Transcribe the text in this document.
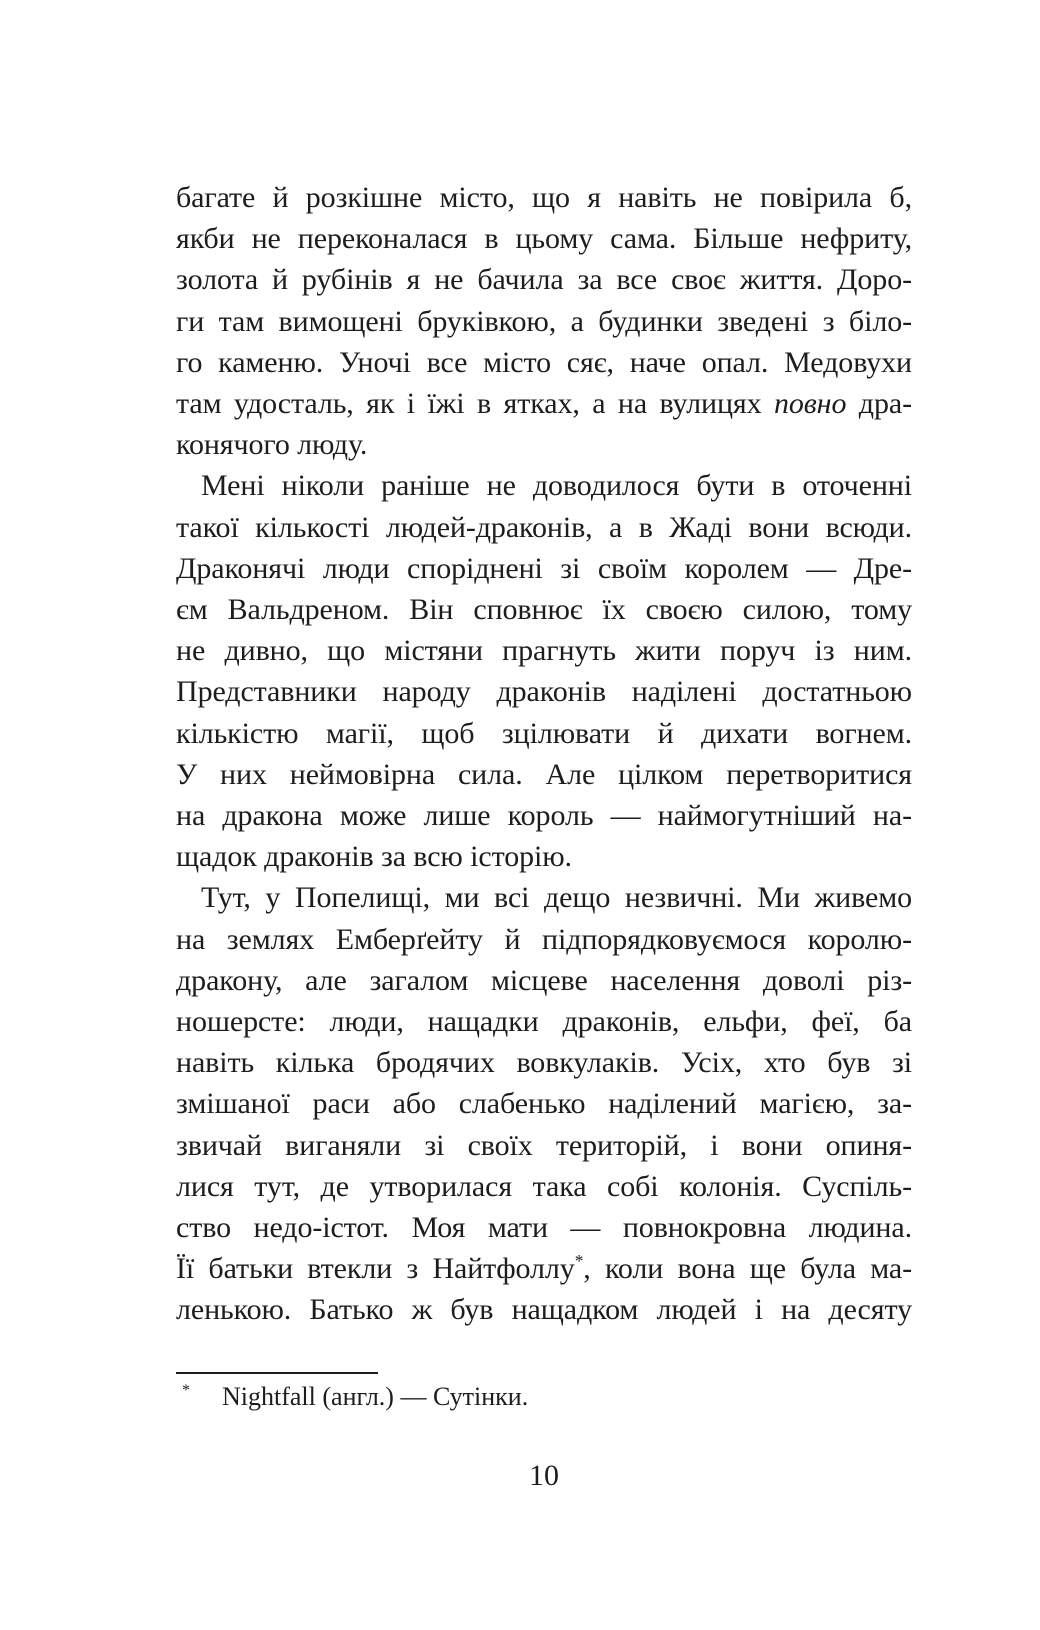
багате й розкішне місто, що я навіть не повірила б,
якби не переконалася в цьому сама. Більше нефриту,
золота й рубінів я не бачила за все своє життя. Доро-
ги там вимощені бруківкою, а будинки зведені з біло-
го каменю. Уночі все місто сяє, наче опал. Медовухи
там удосталь, як і їжі в ятках, а на вулицях повно дра-
конячого люду.
Мені ніколи раніше не доводилося бути в оточенні
такої кількості людей-драконів, а в Жаді вони всюди.
Драконячі люди споріднені зі своїм королем — Дре-
єм Вальдреном. Він сповнює їх своєю силою, тому
не дивно, що містяни прагнуть жити поруч із ним.
Представники народу драконів наділені достатньою
кількістю магії, щоб зцілювати й дихати вогнем.
У них неймовірна сила. Але цілком перетворитися
на дракона може лише король — наймогутніший на-
щадок драконів за всю історію.
Тут, у Попелищі, ми всі дещо незвичні. Ми живемо
на землях Емберґейту й підпорядковуємося королю-
дракону, але загалом місцеве населення доволі різ-
ношерсте: люди, нащадки драконів, ельфи, феї, ба
навіть кілька бродячих вовкулаків. Усіх, хто був зі
змішаної раси або слабенько наділений магією, за-
звичай виганяли зі своїх територій, і вони опиня-
лися тут, де утворилася така собі колонія. Суспіль-
ство недо-істот. Моя мати — повнокровна людина.
Її батьки втекли з Найтфоллу*, коли вона ще була ма-
ленькою. Батько ж був нащадком людей і на десяту
*	Nightfall (англ.) — Сутінки.
10
